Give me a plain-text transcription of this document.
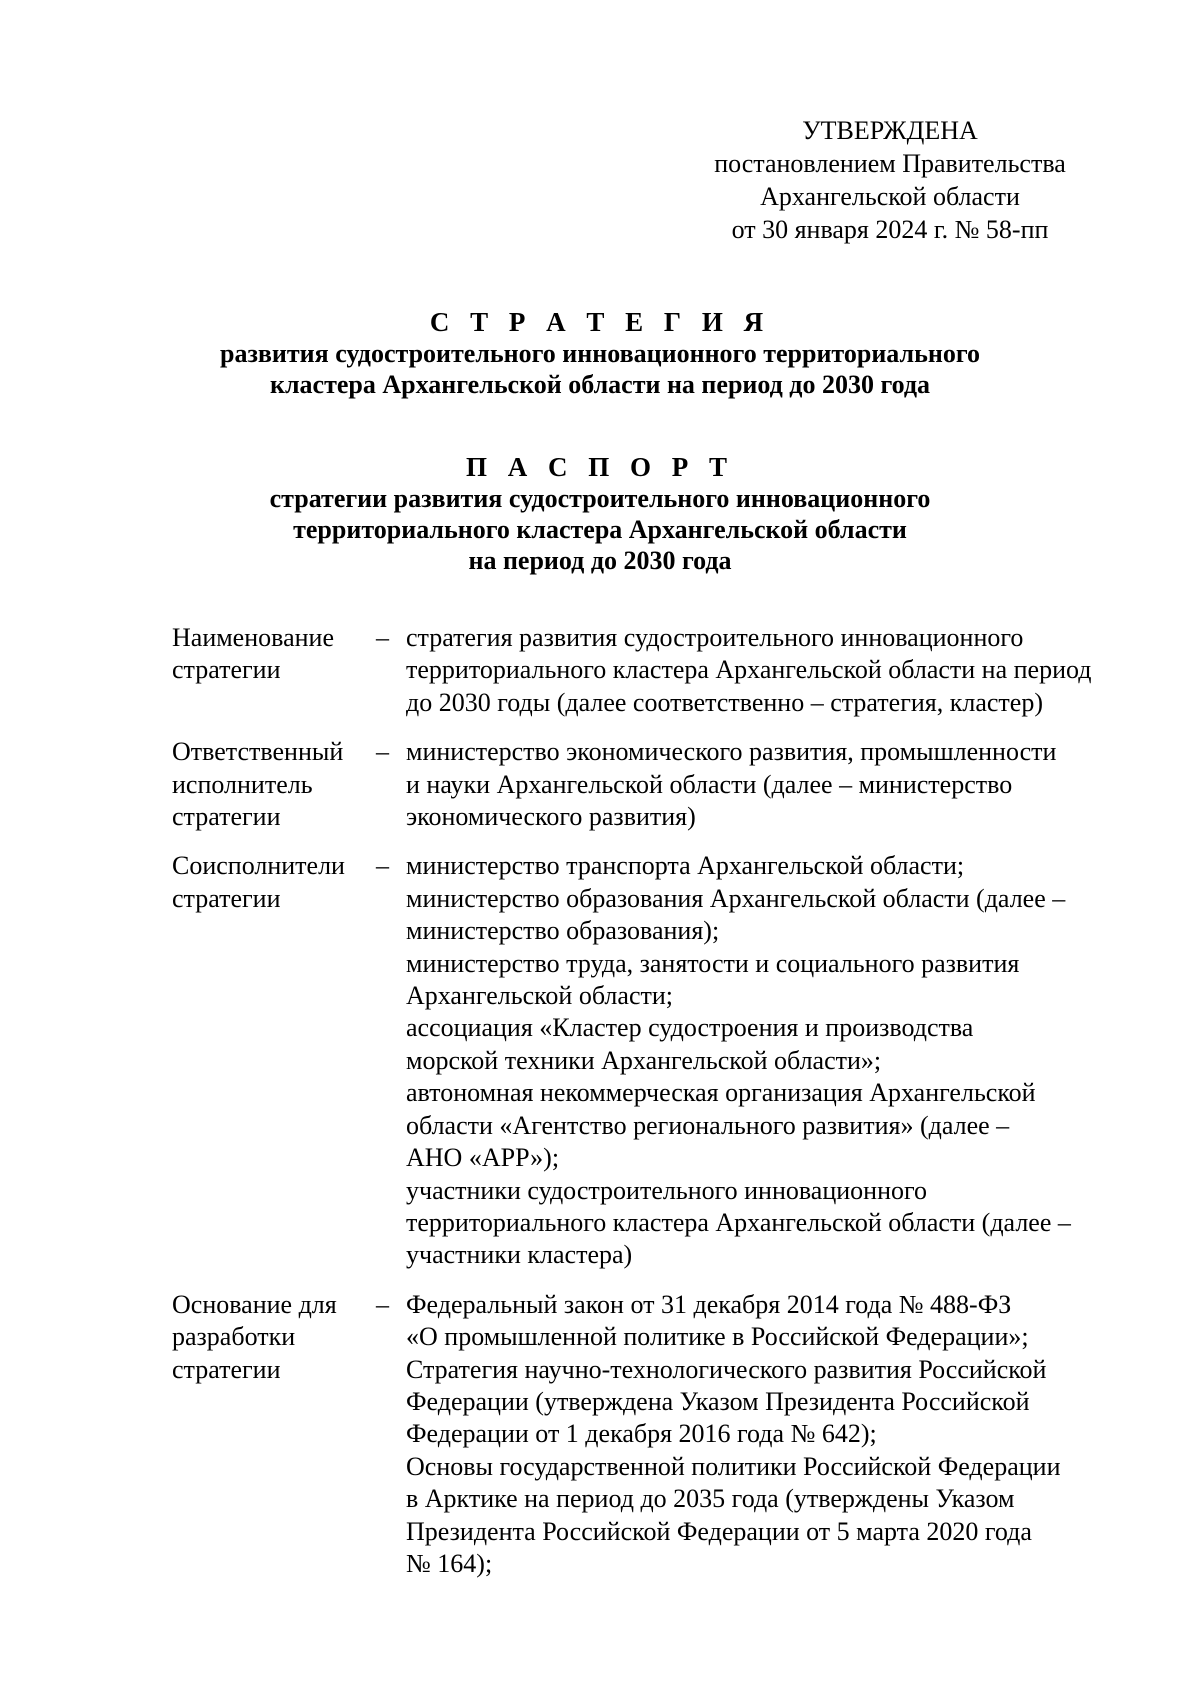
УТВЕРЖДЕНА
постановлением Правительства
Архангельской области
от 30 января 2024 г. № 58-пп
С Т Р А Т Е Г И Я
развития судостроительного инновационного территориального
кластера Архангельской области на период до 2030 года
П А С П О Р Т
стратегии развития судостроительного инновационного
территориального кластера Архангельской области
на период до 2030 года
Наименование
стратегии
– стратегия развития судостроительного инновационного
территориального кластера Архангельской области на период
до 2030 годы (далее соответственно – стратегия, кластер)
Ответственный
исполнитель
стратегии
– министерство экономического развития, промышленности
и науки Архангельской области (далее – министерство
экономического развития)
Соисполнители
стратегии
– министерство транспорта Архангельской области;
министерство образования Архангельской области (далее –
министерство образования);
министерство труда, занятости и социального развития
Архангельской области;
ассоциация «Кластер судостроения и производства
морской техники Архангельской области»;
автономная некоммерческая организация Архангельской
области «Агентство регионального развития» (далее –
АНО «АРР»);
участники судостроительного инновационного
территориального кластера Архангельской области (далее –
участники кластера)
Основание для
разработки
стратегии
– Федеральный закон от 31 декабря 2014 года № 488-ФЗ
«О промышленной политике в Российской Федерации»;
Стратегия научно-технологического развития Российской
Федерации (утверждена Указом Президента Российской
Федерации от 1 декабря 2016 года № 642);
Основы государственной политики Российской Федерации
в Арктике на период до 2035 года (утверждены Указом
Президента Российской Федерации от 5 марта 2020 года
№ 164);
